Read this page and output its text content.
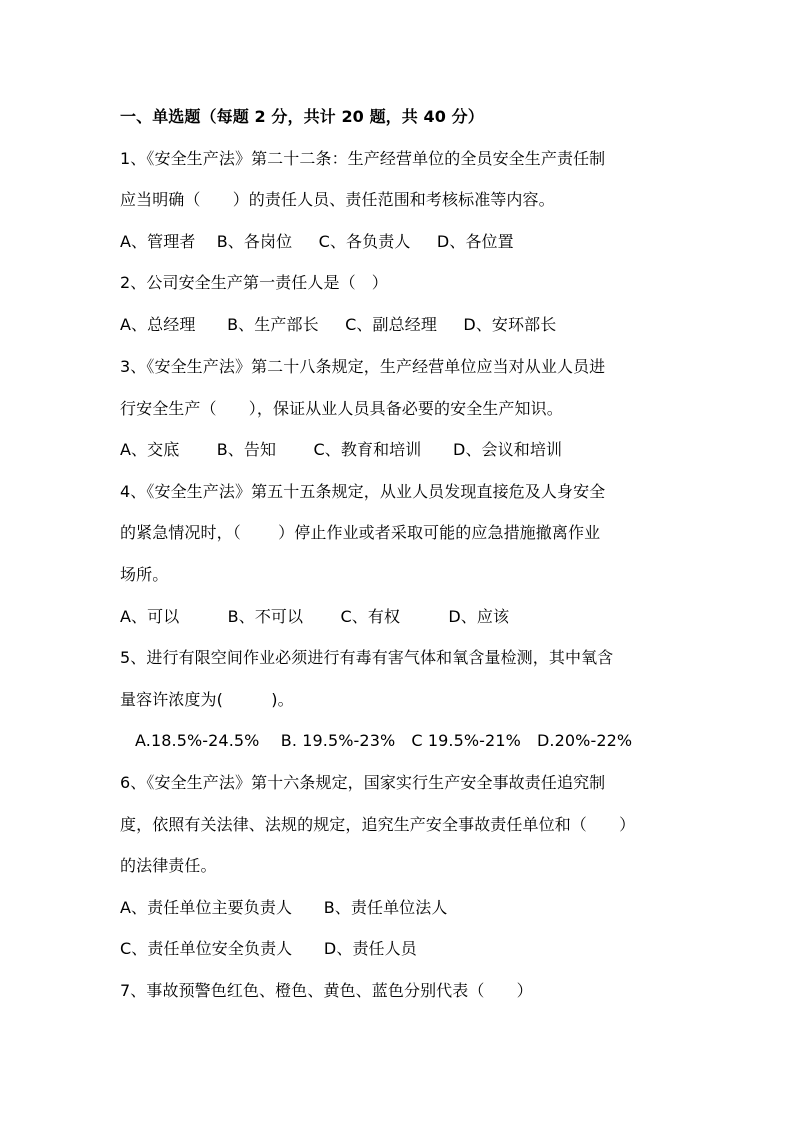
一、单选题（每题 2 分，共计 20 题，共 40 分）
1、《安全生产法》第二十二条：生产经营单位的全员安全生产责任制
应当明确（　　）的责任人员、责任范围和考核标准等内容。
A、管理者　 B、各岗位　  C、各负责人　  D、各位置
2、公司安全生产第一责任人是（　）
A、总经理　   B、生产部长　  C、副总经理　  D、安环部长
3、《安全生产法》第二十八条规定，生产经营单位应当对从业人员进
行安全生产（　　），保证从业人员具备必要的安全生产知识。
A、交底　　 B、告知　　 C、教育和培训　   D、会议和培训
4、《安全生产法》第五十五条规定，从业人员发现直接危及人身安全
的紧急情况时，（　　 ）停止作业或者采取可能的应急措施撤离作业
场所。
A、可以　　　B、不可以　　 C、有权　　　D、应该
5、进行有限空间作业必须进行有毒有害气体和氧含量检测，其中氧含
量容许浓度为(　　　)。
A.18.5%-24.5%　 B. 19.5%-23%　C 19.5%-21%　D.20%-22%
6、《安全生产法》第十六条规定，国家实行生产安全事故责任追究制
度，依照有关法律、法规的规定，追究生产安全事故责任单位和（　　）
的法律责任。
A、责任单位主要负责人　   B、责任单位法人
C、责任单位安全负责人　   D、责任人员
7、事故预警色红色、橙色、黄色、蓝色分别代表（　　）
